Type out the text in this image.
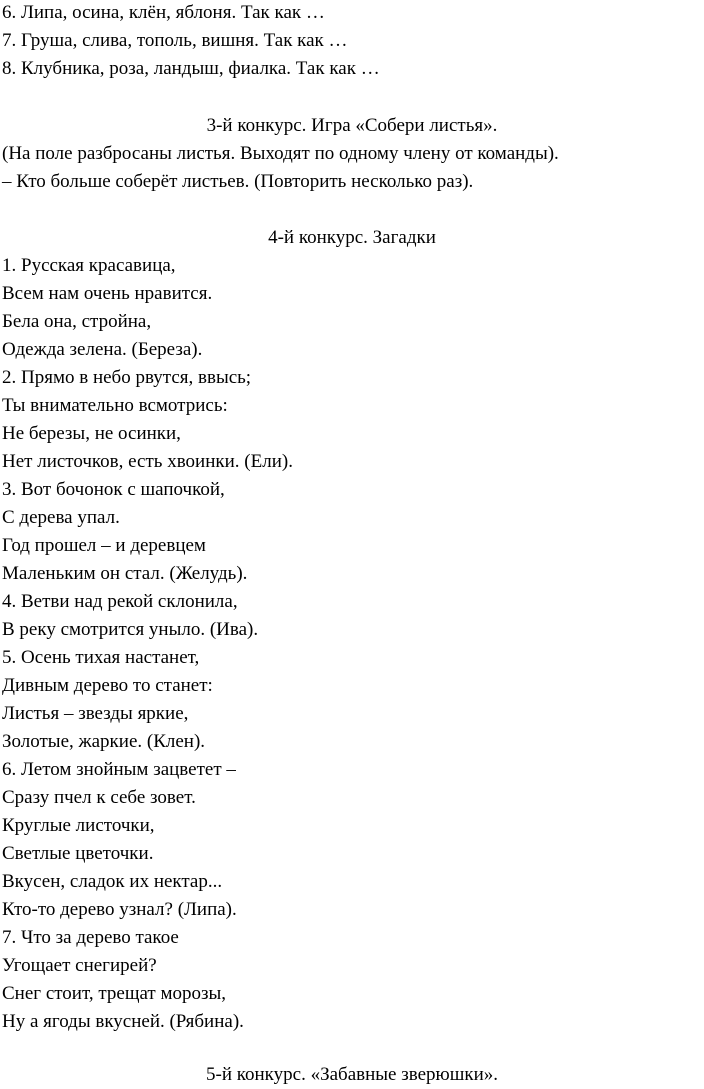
6. Липа, осина, клён, яблоня. Так как …
7. Груша, слива, тополь, вишня. Так как …
8. Клубника, роза, ландыш, фиалка. Так как …
3-й конкурс. Игра «Собери листья».
(На поле разбросаны листья. Выходят по одному члену от команды).
– Кто больше соберёт листьев. (Повторить несколько раз).
4-й конкурс. Загадки
1. Русская красавица,
Всем нам очень нравится.
Бела она, стройна,
Одежда зелена. (Береза).
2. Прямо в небо рвутся, ввысь;
Ты внимательно всмотрись:
Не березы, не осинки,
Нет листочков, есть хвоинки. (Ели).
3. Вот бочонок с шапочкой,
С дерева упал.
Год прошел – и деревцем
Маленьким он стал. (Желудь).
4. Ветви над рекой склонила,
В реку смотрится уныло. (Ива).
5. Осень тихая настанет,
Дивным дерево то станет:
Листья – звезды яркие,
Золотые, жаркие. (Клен).
6. Летом знойным зацветет –
Сразу пчел к себе зовет.
Круглые листочки,
Светлые цветочки.
Вкусен, сладок их нектар...
Кто-то дерево узнал? (Липа).
7. Что за дерево такое
Угощает снегирей?
Снег стоит, трещат морозы,
Ну а ягоды вкусней. (Рябина).
5-й конкурс. «Забавные зверюшки».
